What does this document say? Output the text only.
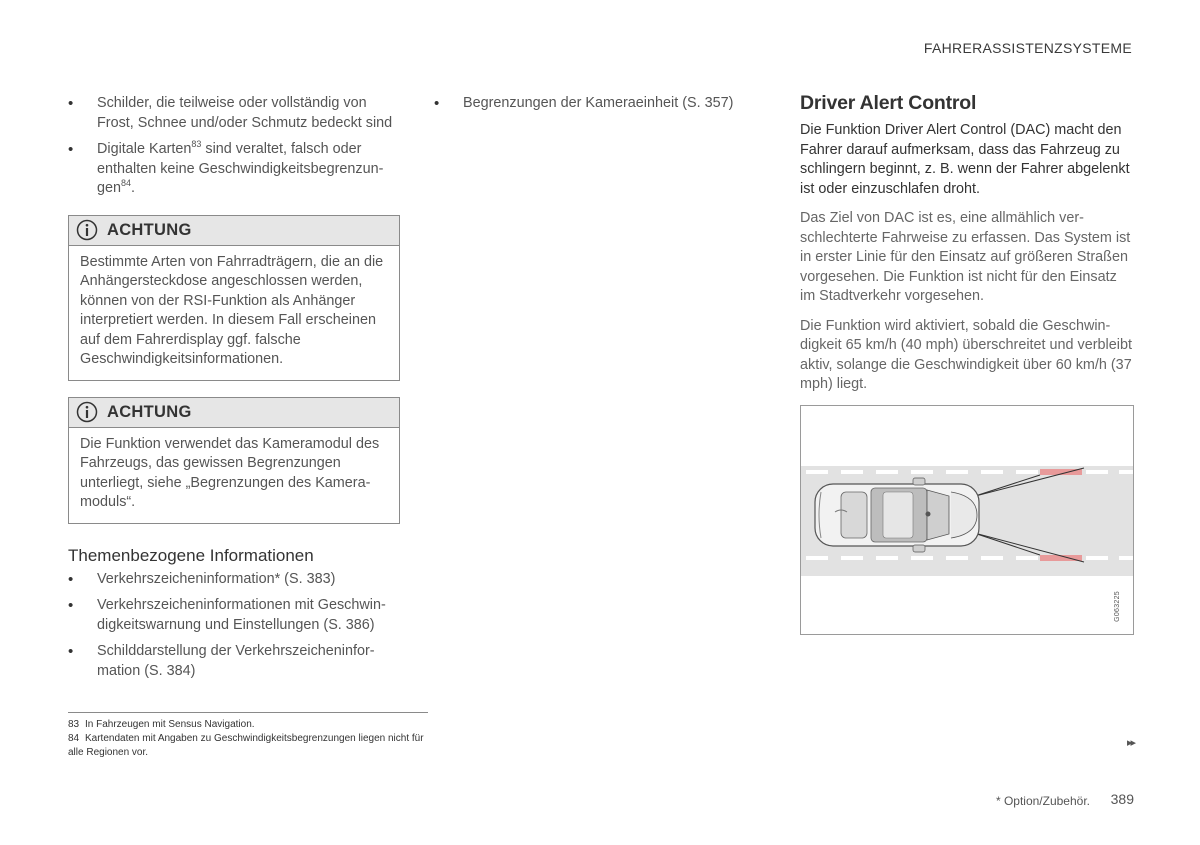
FAHRERASSISTENZSYSTEME
• Schilder, die teilweise oder vollständig von Frost, Schnee und/oder Schmutz bedeckt sind
• Digitale Karten$^{83}$ sind veraltet, falsch oder enthalten keine Geschwindigkeitsbegrenzungen$^{84}$.
ACHTUNG
Bestimmte Arten von Fahrradträgern, die an die Anhängersteckdose angeschlossen werden, können von der RSI-Funktion als Anhänger interpretiert werden. In diesem Fall erscheinen auf dem Fahrerdisplay ggf. falsche Geschwindigkeitsinformationen.
ACHTUNG
Die Funktion verwendet das Kameramodul des Fahrzeugs, das gewissen Begrenzungen unterliegt, siehe „Begrenzungen des Kameramoduls“.
Themenbezogene Informationen
• Verkehrszeicheninformation* (S. 383)
• Verkehrszeicheninformationen mit Geschwindigkeitswarnung und Einstellungen (S. 386)
• Schilddarstellung der Verkehrszeicheninformation (S. 384)
• Begrenzungen der Kameraeinheit (S. 357)	Driver Alert Control
Die Funktion Driver Alert Control (DAC) macht den Fahrer darauf aufmerksam, dass das Fahrzeug zu schlingern beginnt, z. B. wenn der Fahrer abgelenkt ist oder einzuschlafen droht.
Das Ziel von DAC ist es, eine allmählich verschlechterte Fahrweise zu erfassen. Das System ist in erster Linie für den Einsatz auf größeren Straßen vorgesehen. Die Funktion ist nicht für den Einsatz im Stadtverkehr vorgesehen.
Die Funktion wird aktiviert, sobald die Geschwindigkeit 65 km/h (40 mph) überschreitet und verbleibt aktiv, solange die Geschwindigkeit über 60 km/h (37 mph) liegt.
G063225
83 In Fahrzeugen mit Sensus Navigation.
84 Kartendaten mit Angaben zu Geschwindigkeitsbegrenzungen liegen nicht für alle Regionen vor.
▸▸
* Option/Zubehör. 389
